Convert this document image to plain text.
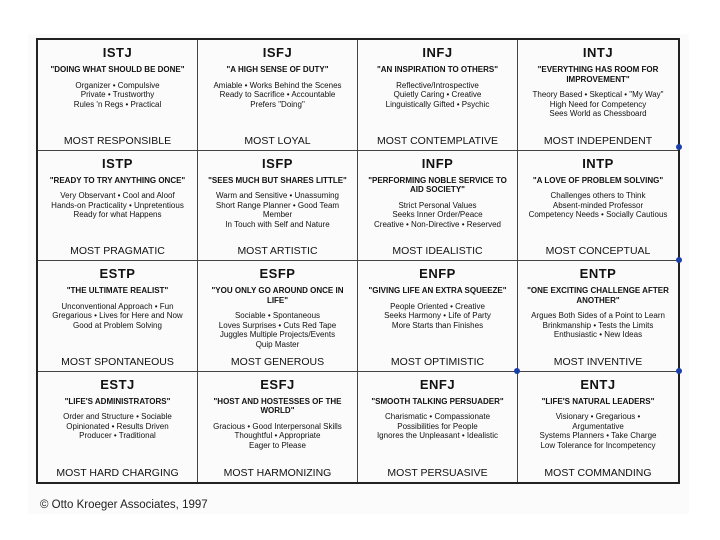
ISTJ
"DOING WHAT SHOULD BE DONE"
Organizer • Compulsive
Private • Trustworthy
Rules 'n Regs • Practical
MOST RESPONSIBLE
ISFJ
"A HIGH SENSE OF DUTY"
Amiable • Works Behind the Scenes
Ready to Sacrifice • Accountable
Prefers "Doing"
MOST LOYAL
INFJ
"AN INSPIRATION TO OTHERS"
Reflective/Introspective
Quietly Caring • Creative
Linguistically Gifted • Psychic
MOST CONTEMPLATIVE
INTJ
"EVERYTHING HAS ROOM FOR IMPROVEMENT"
Theory Based • Skeptical • "My Way"
High Need for Competency
Sees World as Chessboard
MOST INDEPENDENT
ISTP
"READY TO TRY ANYTHING ONCE"
Very Observant • Cool and Aloof
Hands-on Practicality • Unpretentious
Ready for what Happens
MOST PRAGMATIC
ISFP
"SEES MUCH BUT SHARES LITTLE"
Warm and Sensitive • Unassuming
Short Range Planner • Good Team Member
In Touch with Self and Nature
MOST ARTISTIC
INFP
"PERFORMING NOBLE SERVICE TO AID SOCIETY"
Strict Personal Values
Seeks Inner Order/Peace
Creative • Non-Directive • Reserved
MOST IDEALISTIC
INTP
"A LOVE OF PROBLEM SOLVING"
Challenges others to Think
Absent-minded Professor
Competency Needs • Socially Cautious
MOST CONCEPTUAL
ESTP
"THE ULTIMATE REALIST"
Unconventional Approach • Fun
Gregarious • Lives for Here and Now
Good at Problem Solving
MOST SPONTANEOUS
ESFP
"YOU ONLY GO AROUND ONCE IN LIFE"
Sociable • Spontaneous
Loves Surprises • Cuts Red Tape
Juggles Multiple Projects/Events
Quip Master
MOST GENEROUS
ENFP
"GIVING LIFE AN EXTRA SQUEEZE"
People Oriented • Creative
Seeks Harmony • Life of Party
More Starts than Finishes
MOST OPTIMISTIC
ENTP
"ONE EXCITING CHALLENGE AFTER ANOTHER"
Argues Both Sides of a Point to Learn
Brinkmanship • Tests the Limits
Enthusiastic • New Ideas
MOST INVENTIVE
ESTJ
"LIFE'S ADMINISTRATORS"
Order and Structure • Sociable
Opinionated • Results Driven
Producer • Traditional
MOST HARD CHARGING
ESFJ
"HOST AND HOSTESSES OF THE WORLD"
Gracious • Good Interpersonal Skills
Thoughtful • Appropriate
Eager to Please
MOST HARMONIZING
ENFJ
"SMOOTH TALKING PERSUADER"
Charismatic • Compassionate
Possibilities for People
Ignores the Unpleasant • Idealistic
MOST PERSUASIVE
ENTJ
"LIFE'S NATURAL LEADERS"
Visionary • Gregarious •
Argumentative
Systems Planners • Take Charge
Low Tolerance for Incompetency
MOST COMMANDING
© Otto Kroeger Associates, 1997
